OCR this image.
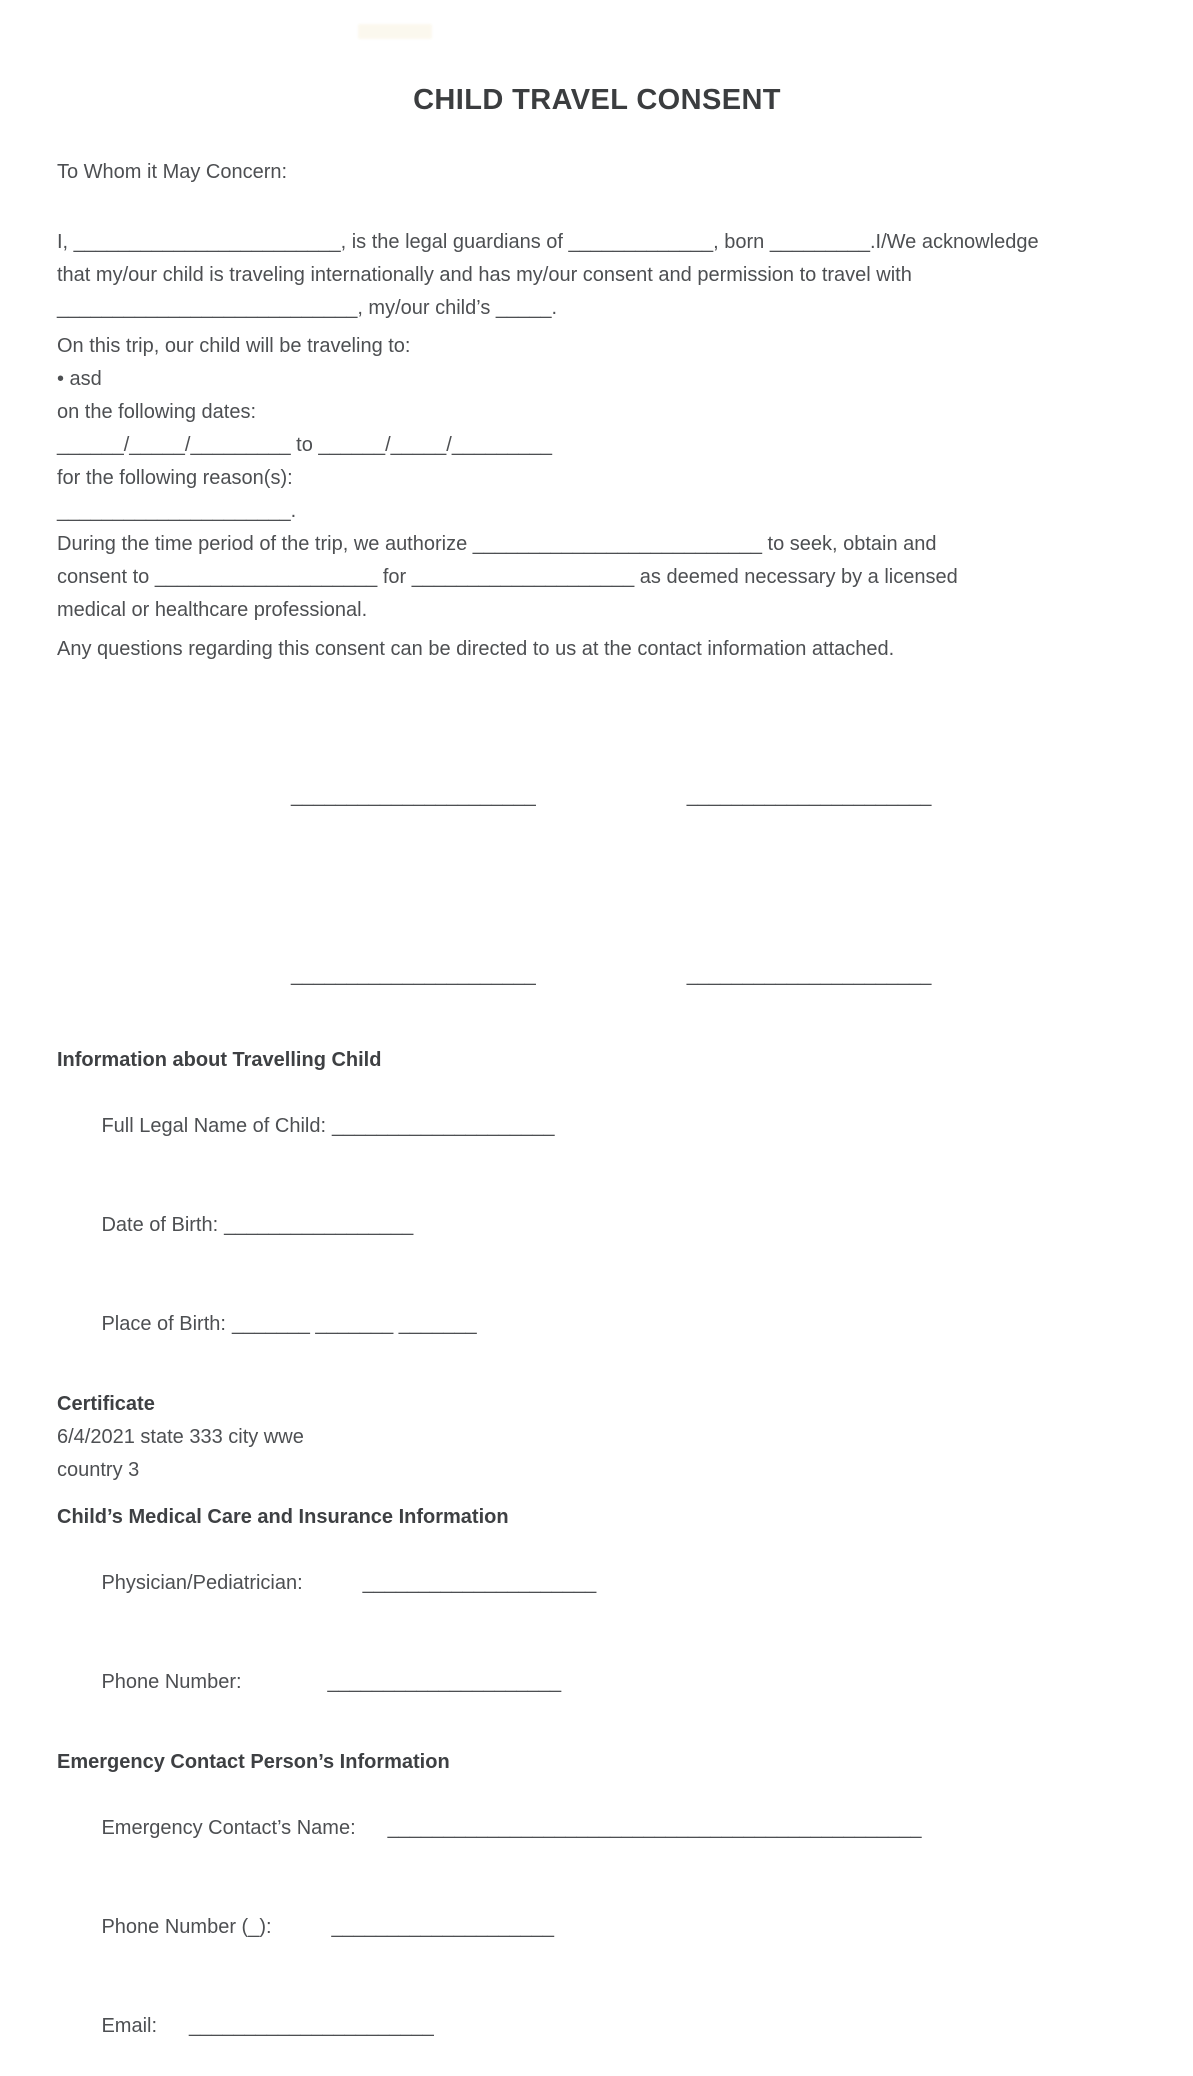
CHILD TRAVEL CONSENT

To Whom it May Concern:

I, ________________________, is the legal guardians of _____________, born _________.I/We acknowledge
that my/our child is traveling internationally and has my/our consent and permission to travel with
___________________________, my/our child’s _____.

On this trip, our child will be traveling to:
• asd
on the following dates:
______/_____/_________ to ______/_____/_________
for the following reason(s):
_____________________.

During the time period of the trip, we authorize __________________________ to seek, obtain and
consent to ____________________ for ____________________ as deemed necessary by a licensed
medical or healthcare professional.

Any questions regarding this consent can be directed to us at the contact information attached.

______________________	______________________
______________________	______________________
Information about Travelling Child

Full Legal Name of Child: ____________________

Date of Birth: _________________

Place of Birth: _______ _______ _______

Certificate
6/4/2021 state 333 city wwe
country 3
Child’s Medical Care and Insurance Information

Physician/Pediatrician:	_____________________

Phone Number:	_____________________

Emergency Contact Person’s Information

Emergency Contact’s Name: ________________________________________________

Phone Number (_):	____________________

Email: ______________________
